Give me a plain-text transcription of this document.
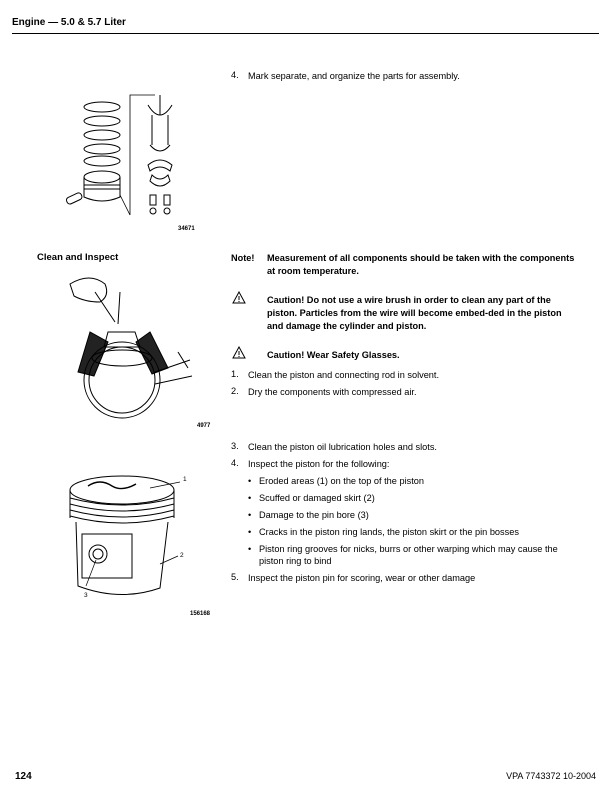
Engine — 5.0 & 5.7 Liter
4.	Mark separate, and organize the parts for assembly.
34671
Clean and Inspect
4977
Note! Measurement of all components should be taken with the components at room temperature.
Caution! Do not use a wire brush in order to clean any part of the piston. Particles from the wire will become embed-ded in the piston and damage the cylinder and piston.
Caution! Wear Safety Glasses.
1.	Clean the piston and connecting rod in solvent.
2.	Dry the components with compressed air.
1
2
3
156168
3.	Clean the piston oil lubrication holes and slots.
4.	Inspect the piston for the following:
• Eroded areas (1) on the top of the piston
• Scuffed or damaged skirt (2)
• Damage to the pin bore (3)
• Cracks in the piston ring lands, the piston skirt or the pin bosses
• Piston ring grooves for nicks, burrs or other warping which may cause the piston ring to bind
5.	Inspect the piston pin for scoring, wear or other damage
124	VPA 7743372 10-2004
